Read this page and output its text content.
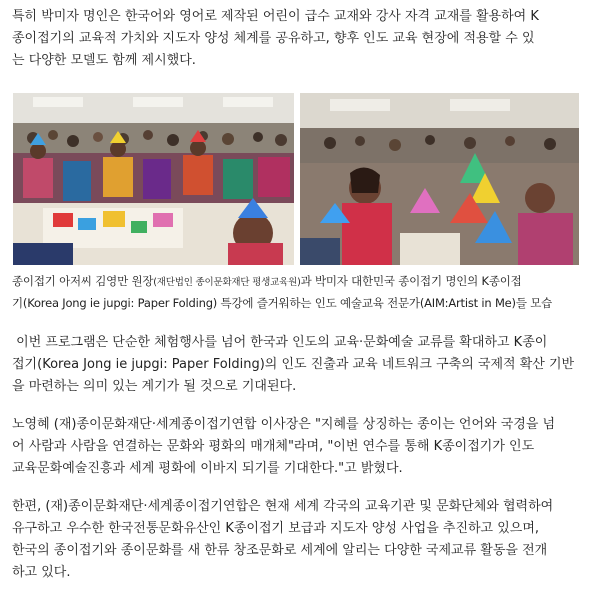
특히 박미자 명인은 한국어와 영어로 제작된 어린이 급수 교재와 강사 자격 교재를 활용하여 K
종이접기의 교육적 가치와 지도자 양성 체계를 공유하고, 향후 인도 교육 현장에 적용할 수 있
는 다양한 모델도 함께 제시했다.
종이접기 아저씨 김영만 원장(재단법인 종이문화재단 평생교육원)과 박미자 대한민국 종이접기 명인의 K종이접
기(Korea Jong ie jupgi: Paper Folding) 특강에 즐거워하는 인도 예술교육 전문가(AIM:Artist in Me)들 모습
이번 프로그램은 단순한 체험행사를 넘어 한국과 인도의 교육·문화예술 교류를 확대하고 K종이
접기(Korea Jong ie jupgi: Paper Folding)의 인도 진출과 교육 네트워크 구축의 국제적 확산 기반
을 마련하는 의미 있는 계기가 될 것으로 기대된다.
노영혜 (재)종이문화재단·세계종이접기연합 이사장은 "지혜를 상징하는 종이는 언어와 국경을 넘
어 사람과 사람을 연결하는 문화와 평화의 매개체"라며, "이번 연수를 통해 K종이접기가 인도
교육문화예술진흥과 세계 평화에 이바지 되기를 기대한다."고 밝혔다.
한편, (재)종이문화재단·세계종이접기연합은 현재 세계 각국의 교육기관 및 문화단체와 협력하여
유구하고 우수한 한국전통문화유산인 K종이접기 보급과 지도자 양성 사업을 추진하고 있으며,
한국의 종이접기와 종이문화를 새 한류 창조문화로 세계에 알리는 다양한 국제교류 활동을 전개
하고 있다.
